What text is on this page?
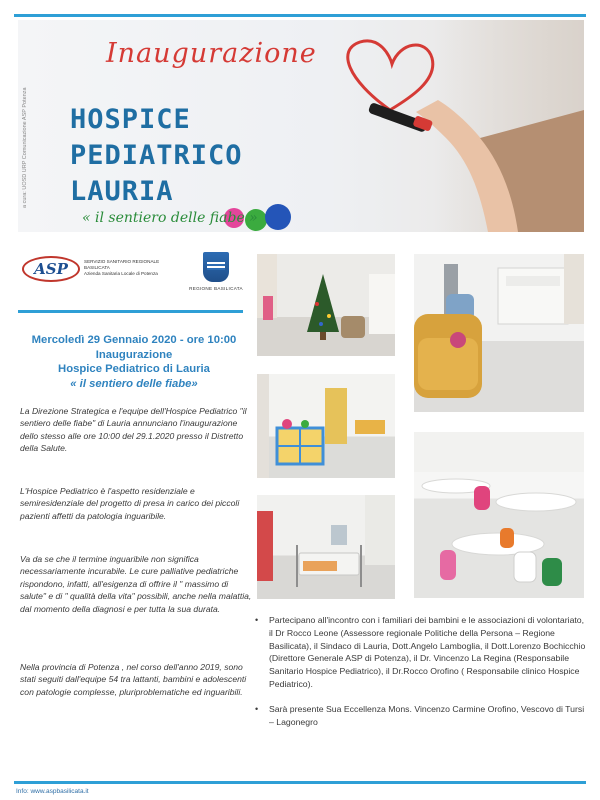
a cura: UOSD URP Comunicazione ASP Potenza
Inaugurazione
HOSPICE
PEDIATRICO
LAURIA
« il sentiero delle fiabe »
ASP	SERVIZIO SANITARIO REGIONALE
BASILICATA
Azienda Sanitaria Locale di Potenza
REGIONE BASILICATA
Mercoledì 29 Gennaio 2020 - ore 10:00
Inaugurazione
Hospice Pediatrico di Lauria
« il sentiero delle fiabe»

La Direzione Strategica e l'equipe dell'Hospice Pediatrico "il sentiero delle fiabe" di Lauria annunciano l'inaugurazione dello stesso alle ore 10:00 del 29.1.2020 presso il Distretto della Salute.

L'Hospice Pediatrico è l'aspetto residenziale e semiresidenziale del progetto di presa in carico dei piccoli pazienti affetti da patologia inguaribile.

Va da se che il termine inguaribile non significa necessariamente incurabile. Le cure palliative pediatriche rispondono, infatti, all'esigenza di offrire il " massimo di salute" e di " qualità della vita" possibili, anche nella malattia, dal momento della diagnosi e per tutta la sua durata.

Nella provincia di Potenza , nel corso dell'anno 2019, sono stati seguiti dall'equipe 54 tra lattanti, bambini e adolescenti con patologie complesse, pluriproblematiche ed inguaribili.

• Partecipano all'incontro con i familiari dei bambini e le associazioni di volontariato, il Dr Rocco Leone (Assessore regionale Politiche della Persona – Regione Basilicata), il Sindaco di Lauria, Dott.Angelo Lamboglia, il Dott.Lorenzo Bochicchio (Direttore Generale ASP di Potenza), il Dr. Vincenzo La Regina (Responsabile Sanitario Hospice Pediatrico), il Dr.Rocco Orofino ( Responsabile clinico Hospice Pediatrico).
• Sarà presente Sua Eccellenza Mons. Vincenzo Carmine Orofino, Vescovo di Tursi – Lagonegro
Info: www.aspbasilicata.it
